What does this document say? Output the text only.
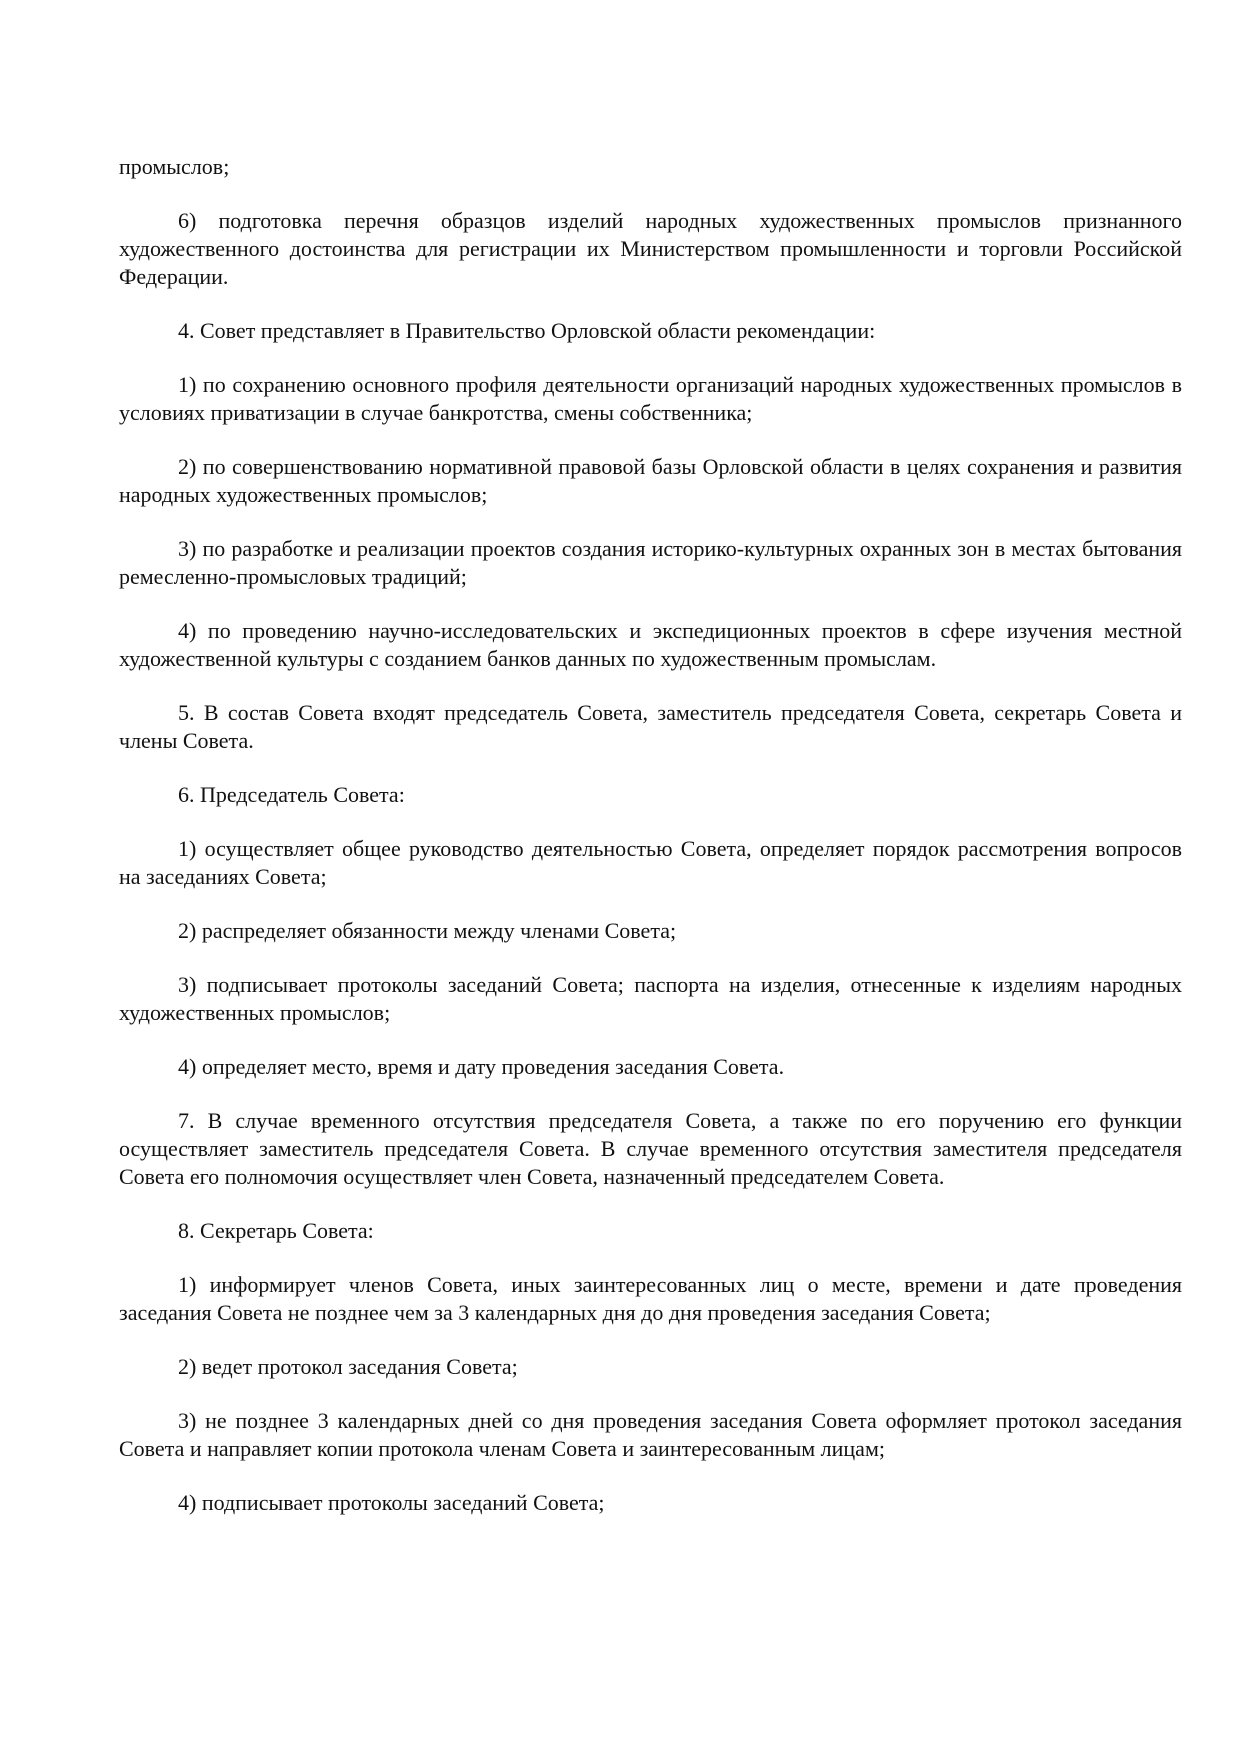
промыслов;

6) подготовка перечня образцов изделий народных художественных промыслов признанного художественного достоинства для регистрации их Министерством промышленности и торговли Российской Федерации.

4. Совет представляет в Правительство Орловской области рекомендации:

1) по сохранению основного профиля деятельности организаций народных художественных промыслов в условиях приватизации в случае банкротства, смены собственника;

2) по совершенствованию нормативной правовой базы Орловской области в целях сохранения и развития народных художественных промыслов;

3) по разработке и реализации проектов создания историко-культурных охранных зон в местах бытования ремесленно-промысловых традиций;

4) по проведению научно-исследовательских и экспедиционных проектов в сфере изучения местной художественной культуры с созданием банков данных по художественным промыслам.

5. В состав Совета входят председатель Совета, заместитель председателя Совета, секретарь Совета и члены Совета.

6. Председатель Совета:

1) осуществляет общее руководство деятельностью Совета, определяет порядок рассмотрения вопросов на заседаниях Совета;

2) распределяет обязанности между членами Совета;

3) подписывает протоколы заседаний Совета; паспорта на изделия, отнесенные к изделиям народных художественных промыслов;

4) определяет место, время и дату проведения заседания Совета.

7. В случае временного отсутствия председателя Совета, а также по его поручению его функции осуществляет заместитель председателя Совета. В случае временного отсутствия заместителя председателя Совета его полномочия осуществляет член Совета, назначенный председателем Совета.

8. Секретарь Совета:

1) информирует членов Совета, иных заинтересованных лиц о месте, времени и дате проведения заседания Совета не позднее чем за 3 календарных дня до дня проведения заседания Совета;

2) ведет протокол заседания Совета;

3) не позднее 3 календарных дней со дня проведения заседания Совета оформляет протокол заседания Совета и направляет копии протокола членам Совета и заинтересованным лицам;

4) подписывает протоколы заседаний Совета;
